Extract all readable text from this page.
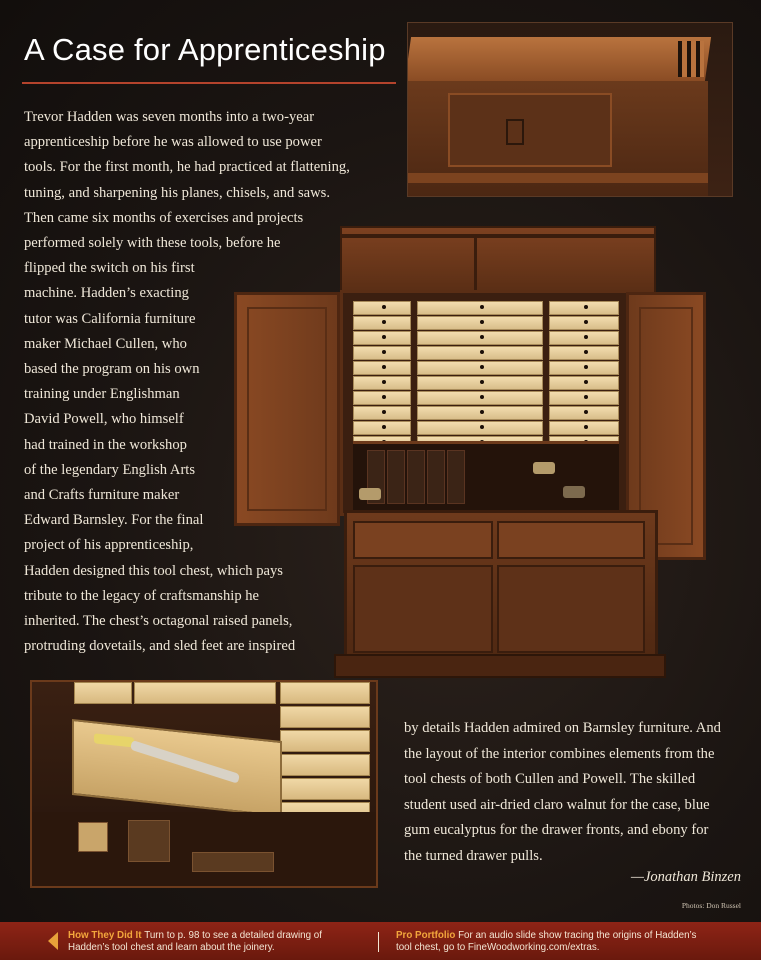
A Case for Apprenticeship

Trevor Hadden was seven months into a two-year

apprenticeship before he was allowed to use power

tools. For the first month, he had practiced at flattening,

tuning, and sharpening his planes, chisels, and saws.

Then came six months of exercises and projects

performed solely with these tools, before he

flipped the switch on his first

machine. Hadden’s exacting

tutor was California furniture

maker Michael Cullen, who

based the program on his own

training under Englishman

David Powell, who himself

had trained in the workshop

of the legendary English Arts

and Crafts furniture maker

Edward Barnsley. For the final

project of his apprenticeship,

Hadden designed this tool chest, which pays

tribute to the legacy of craftsmanship he

inherited. The chest’s octagonal raised panels,

protruding dovetails, and sled feet are inspired

by details Hadden admired on Barnsley furniture. And

the layout of the interior combines elements from the

tool chests of both Cullen and Powell. The skilled

student used air-dried claro walnut for the case, blue

gum eucalyptus for the drawer fronts, and ebony for

the turned drawer pulls.

—Jonathan Binzen

Photos: Don Russel

How They Did It Turn to p. 98 to see a detailed drawing of
Hadden’s tool chest and learn about the joinery.
Pro Portfolio For an audio slide show tracing the origins of Hadden’s
tool chest, go to FineWoodworking.com/extras.
